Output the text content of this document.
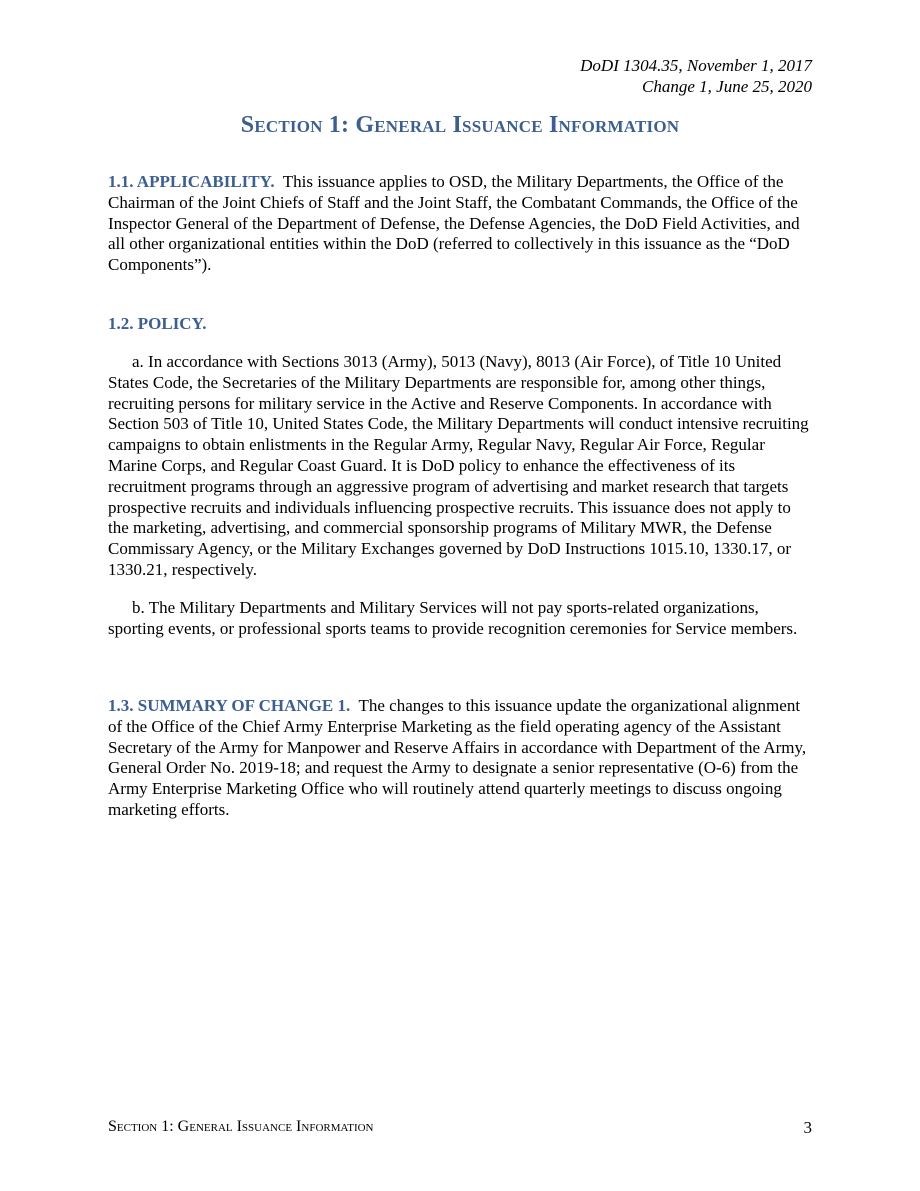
DoDI 1304.35, November 1, 2017
Change 1, June 25, 2020
Section 1: General Issuance Information
1.1. APPLICABILITY. This issuance applies to OSD, the Military Departments, the Office of the Chairman of the Joint Chiefs of Staff and the Joint Staff, the Combatant Commands, the Office of the Inspector General of the Department of Defense, the Defense Agencies, the DoD Field Activities, and all other organizational entities within the DoD (referred to collectively in this issuance as the “DoD Components”).
1.2. POLICY.
a. In accordance with Sections 3013 (Army), 5013 (Navy), 8013 (Air Force), of Title 10 United States Code, the Secretaries of the Military Departments are responsible for, among other things, recruiting persons for military service in the Active and Reserve Components. In accordance with Section 503 of Title 10, United States Code, the Military Departments will conduct intensive recruiting campaigns to obtain enlistments in the Regular Army, Regular Navy, Regular Air Force, Regular Marine Corps, and Regular Coast Guard. It is DoD policy to enhance the effectiveness of its recruitment programs through an aggressive program of advertising and market research that targets prospective recruits and individuals influencing prospective recruits. This issuance does not apply to the marketing, advertising, and commercial sponsorship programs of Military MWR, the Defense Commissary Agency, or the Military Exchanges governed by DoD Instructions 1015.10, 1330.17, or 1330.21, respectively.
b. The Military Departments and Military Services will not pay sports-related organizations, sporting events, or professional sports teams to provide recognition ceremonies for Service members.
1.3. SUMMARY OF CHANGE 1. The changes to this issuance update the organizational alignment of the Office of the Chief Army Enterprise Marketing as the field operating agency of the Assistant Secretary of the Army for Manpower and Reserve Affairs in accordance with Department of the Army, General Order No. 2019-18; and request the Army to designate a senior representative (O-6) from the Army Enterprise Marketing Office who will routinely attend quarterly meetings to discuss ongoing marketing efforts.
Section 1: General Issuance Information	3
